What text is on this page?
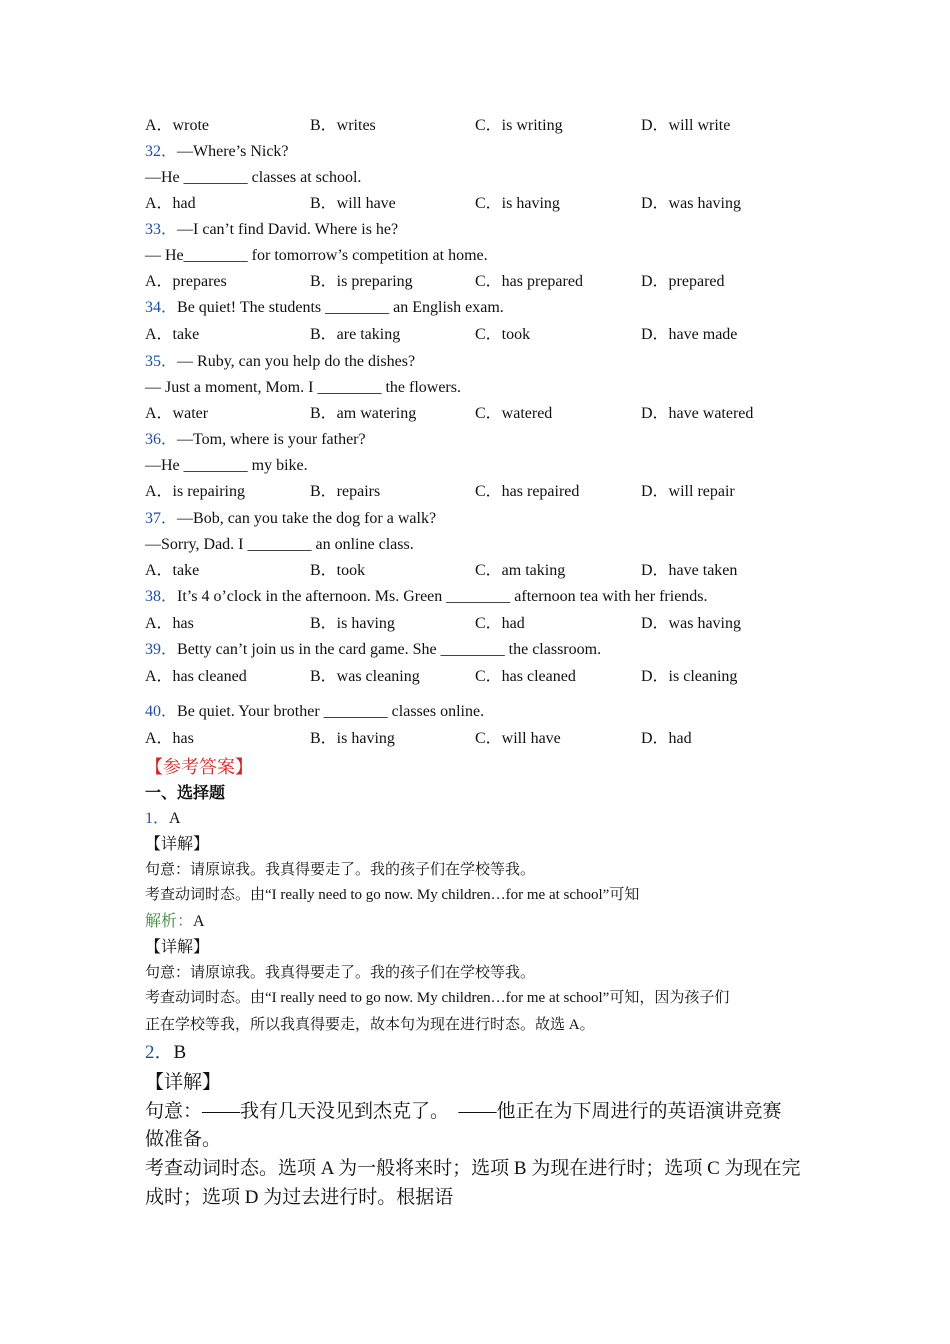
A．wrote	B．writes	C．is writing	D．will write
32．—Where’s Nick?
—He ________ classes at school.
A．had	B．will have	C．is having	D．was having
33．—I can’t find David. Where is he?
— He________ for tomorrow’s competition at home.
A．prepares	B．is preparing	C．has prepared	D．prepared
34．Be quiet! The students ________ an English exam.
A．take	B．are taking	C．took	D．have made
35．— Ruby, can you help do the dishes?
— Just a moment, Mom. I ________ the flowers.
A．water	B．am watering	C．watered	D．have watered
36．—Tom, where is your father?
—He ________ my bike.
A．is repairing	B．repairs	C．has repaired	D．will repair
37．—Bob, can you take the dog for a walk?
—Sorry, Dad. I ________ an online class.
A．take	B．took	C．am taking	D．have taken
38．It’s 4 o’clock in the afternoon. Ms. Green ________ afternoon tea with her friends.
A．has	B．is having	C．had	D．was having
39．Betty can’t join us in the card game. She ________ the classroom.
A．has cleaned	B．was cleaning	C．has cleaned	D．is cleaning
40．Be quiet. Your brother ________ classes online.
A．has	B．is having	C．will have	D．had
【参考答案】
一、选择题
1．A
【详解】
句意：请原谅我。我真得要走了。我的孩子们在学校等我。
考查动词时态。由“I really need to go now. My children…for me at school”可知
解析：A
【详解】
句意：请原谅我。我真得要走了。我的孩子们在学校等我。
考查动词时态。由“I really need to go now. My children…for me at school”可知，因为孩子们
正在学校等我，所以我真得要走，故本句为现在进行时态。故选 A。
2．B
【详解】
句意：——我有几天没见到杰克了。　——他正在为下周进行的英语演讲竞赛
做准备。
考查动词时态。选项 A 为一般将来时；选项 B 为现在进行时；选项 C 为现在完
成时；选项 D 为过去进行时。根据语
